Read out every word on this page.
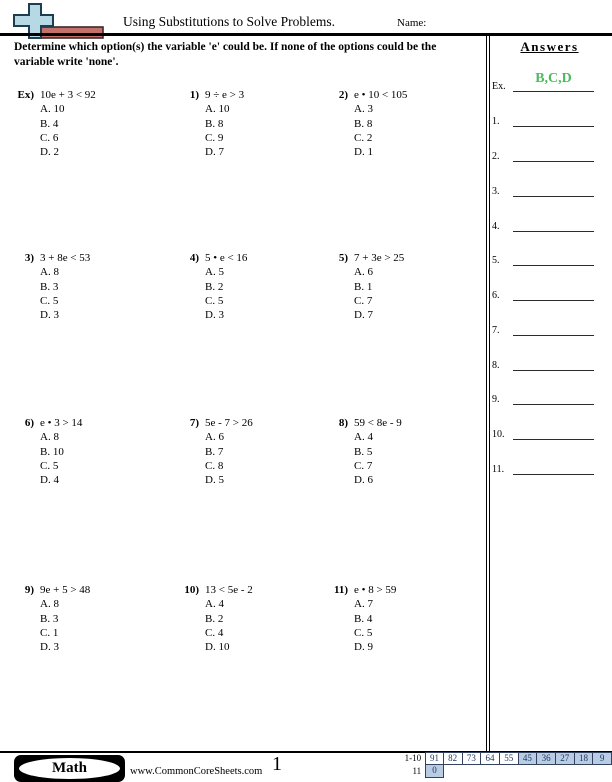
Using Substitutions to Solve Problems.	Name:
Determine which option(s) the variable 'e' could be. If none of the options could be the variable write 'none'.
Answers
B,C,D
Ex.
1.
2.
3.
4.
5.
6.
7.
8.
9.
10.
11.
Ex) 10e + 3 < 92
A. 10
B. 4
C. 6
D. 2
1) 9 ÷ e > 3
A. 10
B. 8
C. 9
D. 7
2) e • 10 < 105
A. 3
B. 8
C. 2
D. 1
3) 3 + 8e < 53
A. 8
B. 3
C. 5
D. 3
4) 5 • e < 16
A. 5
B. 2
C. 5
D. 3
5) 7 + 3e > 25
A. 6
B. 1
C. 7
D. 7
6) e • 3 > 14
A. 8
B. 10
C. 5
D. 4
7) 5e - 7 > 26
A. 6
B. 7
C. 8
D. 5
8) 59 < 8e - 9
A. 4
B. 5
C. 7
D. 6
9) 9e + 5 > 48
A. 8
B. 3
C. 1
D. 3
10) 13 < 5e - 2
A. 4
B. 2
C. 4
D. 10
11) e • 8 > 59
A. 7
B. 4
C. 5
D. 9
Math	www.CommonCoreSheets.com 1	1-10 91	82	73	64	55	45	36	27	18	9
11	0
